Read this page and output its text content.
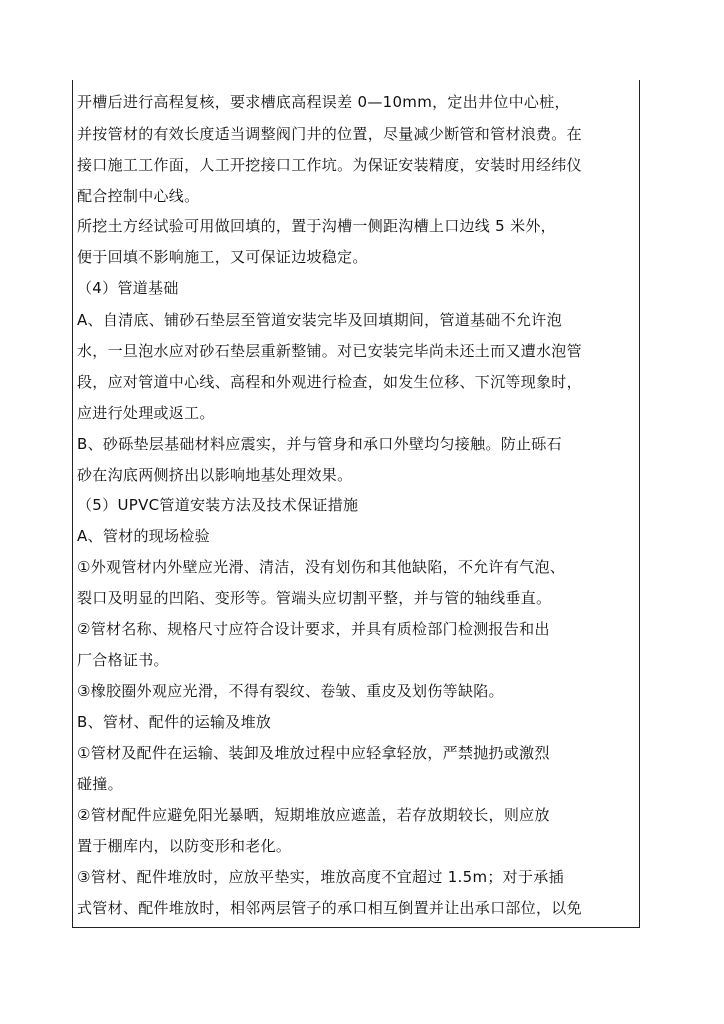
开槽后进行高程复核，要求槽底高程误差 0—10mm，定出井位中心桩，
并按管材的有效长度适当调整阀门井的位置，尽量减少断管和管材浪费。在
接口施工工作面，人工开挖接口工作坑。为保证安装精度，安装时用经纬仪
配合控制中心线。
所挖土方经试验可用做回填的，置于沟槽一侧距沟槽上口边线 5 米外，
便于回填不影响施工，又可保证边坡稳定。
（4）管道基础
A、自清底、铺砂石垫层至管道安装完毕及回填期间，管道基础不允许泡
水，一旦泡水应对砂石垫层重新整铺。对已安装完毕尚未还土而又遭水泡管
段，应对管道中心线、高程和外观进行检查，如发生位移、下沉等现象时，
应进行处理或返工。
B、砂砾垫层基础材料应震实，并与管身和承口外壁均匀接触。防止砾石
砂在沟底两侧挤出以影响地基处理效果。
（5）UPVC管道安装方法及技术保证措施
A、管材的现场检验
①外观管材内外壁应光滑、清洁，没有划伤和其他缺陷，不允许有气泡、
裂口及明显的凹陷、变形等。管端头应切割平整，并与管的轴线垂直。
②管材名称、规格尺寸应符合设计要求，并具有质检部门检测报告和出
厂合格证书。
③橡胶圈外观应光滑，不得有裂纹、卷皱、重皮及划伤等缺陷。
B、管材、配件的运输及堆放
①管材及配件在运输、装卸及堆放过程中应轻拿轻放，严禁抛扔或激烈
碰撞。
②管材配件应避免阳光暴晒，短期堆放应遮盖，若存放期较长，则应放
置于棚库内，以防变形和老化。
③管材、配件堆放时，应放平垫实，堆放高度不宜超过 1.5m；对于承插
式管材、配件堆放时，相邻两层管子的承口相互倒置并让出承口部位，以免
